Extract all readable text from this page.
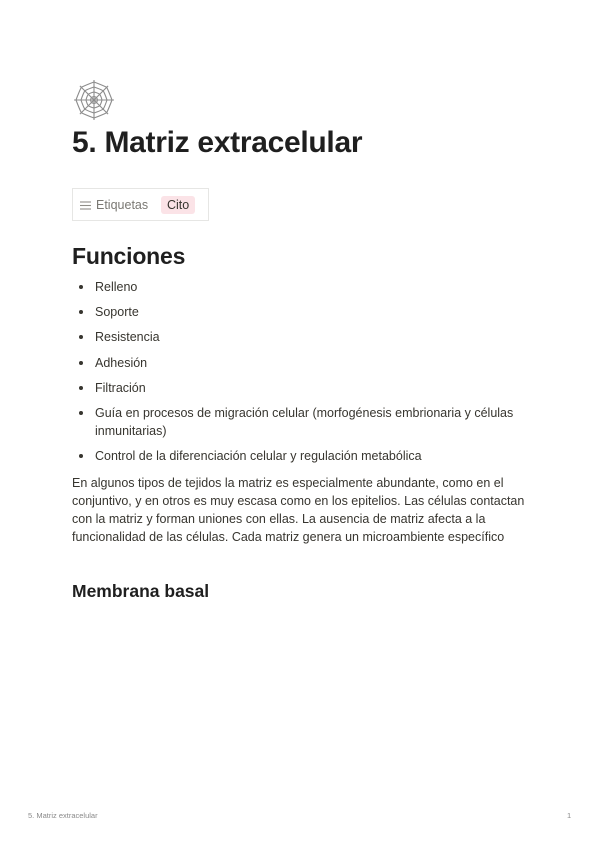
5. Matriz extracelular
Etiquetas	Cito
Funciones
Relleno
Soporte
Resistencia
Adhesión
Filtración
Guía en procesos de migración celular (morfogénesis embrionaria y células inmunitarias)
Control de la diferenciación celular y regulación metabólica
En algunos tipos de tejidos la matriz es especialmente abundante, como en el conjuntivo, y en otros es muy escasa como en los epitelios. Las células contactan con la matriz y forman uniones con ellas. La ausencia de matriz afecta a la funcionalidad de las células. Cada matriz genera un microambiente específico
Membrana basal
5. Matriz extracelular	1
